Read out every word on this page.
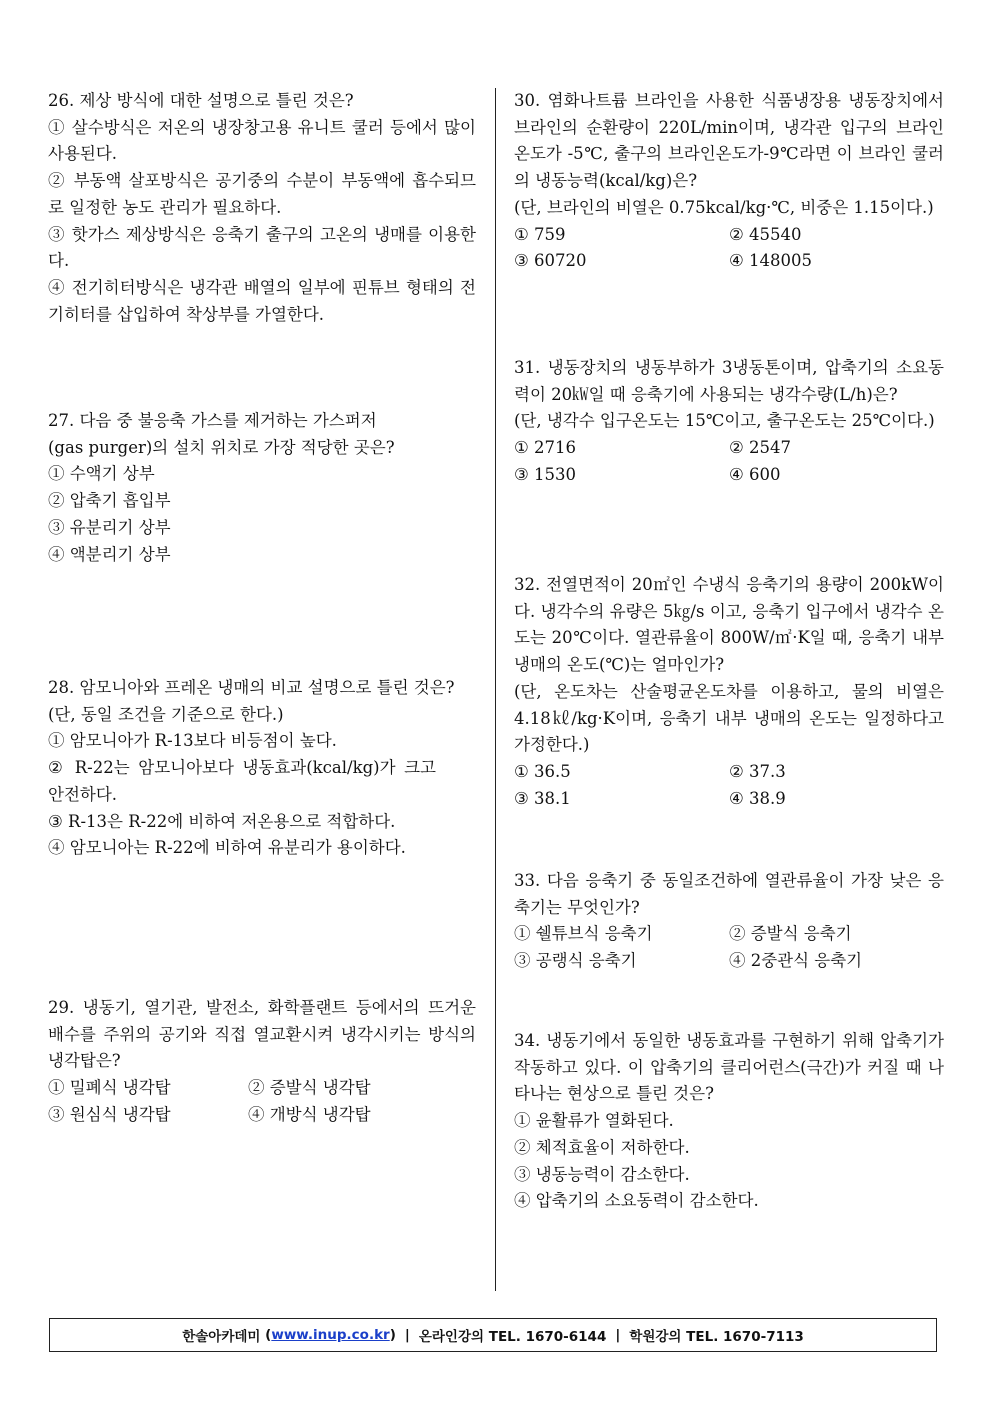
26. 제상 방식에 대한 설명으로 틀린 것은?

① 살수방식은 저온의 냉장창고용 유니트 쿨러 등에서 많이 사용된다.

② 부동액 살포방식은 공기중의 수분이 부동액에 흡수되므로 일정한 농도 관리가 필요하다.

③ 핫가스 제상방식은 응축기 출구의 고온의 냉매를 이용한다.

④ 전기히터방식은 냉각관 배열의 일부에 핀튜브 형태의 전기히터를 삽입하여 착상부를 가열한다.

27. 다음 중 불응축 가스를 제거하는 가스퍼저

(gas purger)의 설치 위치로 가장 적당한 곳은?

① 수액기 상부

② 압축기 흡입부

③ 유분리기 상부

④ 액분리기 상부

28. 암모니아와 프레온 냉매의 비교 설명으로 틀린 것은?

(단, 동일 조건을 기준으로 한다.)

① 암모니아가 R-13보다 비등점이 높다.

② R-22는 암모니아보다 냉동효과(kcal/kg)가 크고 안전하다.

③ R-13은 R-22에 비하여 저온용으로 적합하다.

④ 암모니아는 R-22에 비하여 유분리가 용이하다.

29. 냉동기, 열기관, 발전소, 화학플랜트 등에서의 뜨거운 배수를 주위의 공기와 직접 열교환시켜 냉각시키는 방식의 냉각탑은?

① 밀폐식 냉각탑	② 증발식 냉각탑
③ 원심식 냉각탑	④ 개방식 냉각탑

30. 염화나트륨 브라인을 사용한 식품냉장용 냉동장치에서 브라인의 순환량이 220L/min이며, 냉각관 입구의 브라인 온도가 -5℃, 출구의 브라인온도가-9℃라면 이 브라인 쿨러의 냉동능력(kcal/kg)은?

(단, 브라인의 비열은 0.75kcal/kg·℃, 비중은 1.15이다.)

① 759	② 45540
③ 60720	④ 148005

31. 냉동장치의 냉동부하가 3냉동톤이며, 압축기의 소요동력이 20㎾일 때 응축기에 사용되는 냉각수량(L/h)은?

(단, 냉각수 입구온도는 15℃이고, 출구온도는 25℃이다.)

① 2716	② 2547
③ 1530	④ 600

32. 전열면적이 20㎡인 수냉식 응축기의 용량이 200kW이다. 냉각수의 유량은 5㎏/s 이고, 응축기 입구에서 냉각수 온도는 20℃이다. 열관류율이 800W/㎡·K일 때, 응축기 내부 냉매의 온도(℃)는 얼마인가?

(단, 온도차는 산술평균온도차를 이용하고, 물의 비열은 4.18㎘/kg·K이며, 응축기 내부 냉매의 온도는 일정하다고 가정한다.)

① 36.5	② 37.3
③ 38.1	④ 38.9

33. 다음 응축기 중 동일조건하에 열관류율이 가장 낮은 응축기는 무엇인가?

① 쉘튜브식 응축기	② 증발식 응축기
③ 공랭식 응축기	④ 2중관식 응축기

34. 냉동기에서 동일한 냉동효과를 구현하기 위해 압축기가 작동하고 있다. 이 압축기의 클리어런스(극간)가 커질 때 나타나는 현상으로 틀린 것은?

① 윤활류가 열화된다.

② 체적효율이 저하한다.

③ 냉동능력이 감소한다.

④ 압축기의 소요동력이 감소한다.

한솔아카데미 ( www.inup.co.kr ) | 온라인강의 TEL. 1670-6144 | 학원강의 TEL. 1670-7113
